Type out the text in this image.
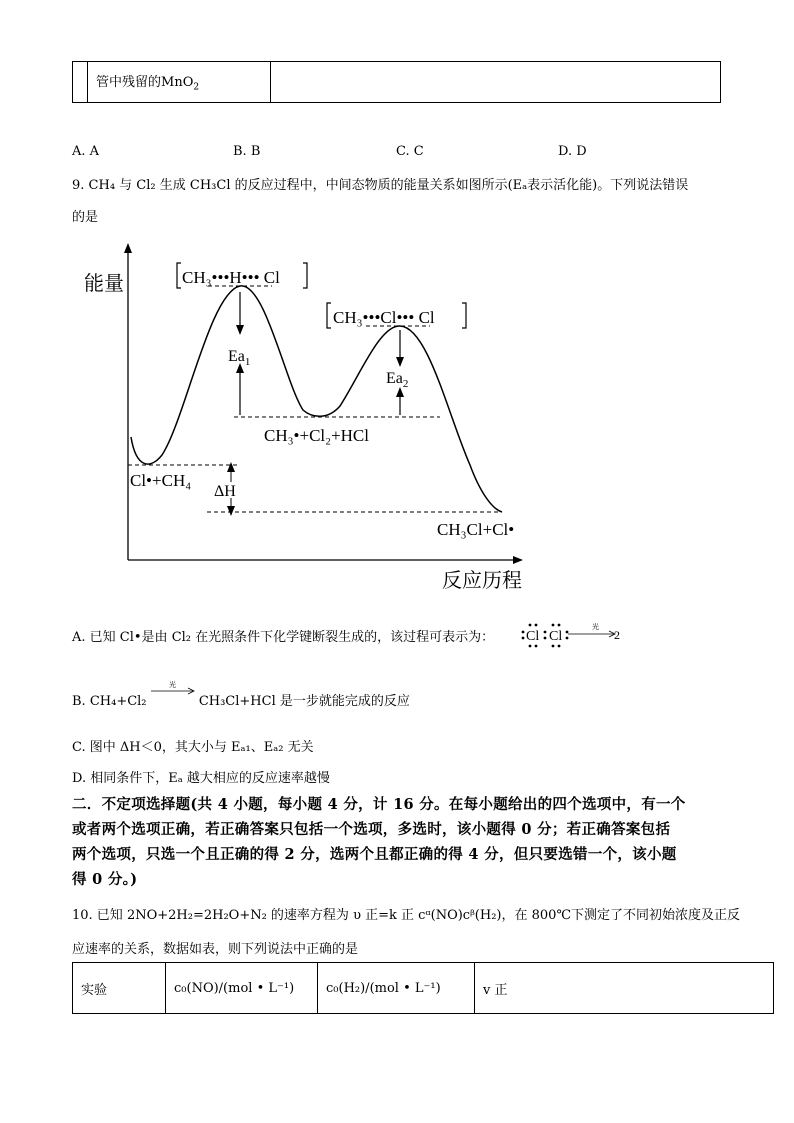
	管中残留的MnO$_2$	
A. A	B. B	C. C	D. D
9. CH₄ 与 Cl₂ 生成 CH₃Cl 的反应过程中，中间态物质的能量关系如图所示(Eₐ表示活化能)。下列说法错误
的是
能量
反应历程
$Ea_1$
$Ea_2$
ΔH
CH₃•••H••• Cl
CH₃•••Cl••• Cl
CH₃•+Cl₂+HCl
Cl•+CH₄
CH₃Cl+Cl•
A. 已知 Cl•是由 Cl₂ 在光照条件下化学键断裂生成的，该过程可表示为： Cl Cl
光
2
B. CH₄+Cl₂
光
CH₃Cl+HCl 是一步就能完成的反应
C. 图中 ΔH＜0，其大小与 Eₐ₁、Eₐ₂ 无关
D. 相同条件下，Eₐ 越大相应的反应速率越慢
二．不定项选择题(共 4 小题，每小题 4 分，计 16 分。在每小题给出的四个选项中，有一个
或者两个选项正确，若正确答案只包括一个选项，多选时，该小题得 0 分；若正确答案包括
两个选项，只选一个且正确的得 2 分，选两个且都正确的得 4 分，但只要选错一个，该小题
得 0 分。)
10. 已知 2NO+2H₂=2H₂O+N₂ 的速率方程为 υ 正=k 正 cᵅ(NO)cᵝ(H₂)，在 800℃下测定了不同初始浓度及正反
应速率的关系，数据如表，则下列说法中正确的是
实验	c₀(NO)/(mol • L⁻¹)	c₀(H₂)/(mol • L⁻¹)	v 正
